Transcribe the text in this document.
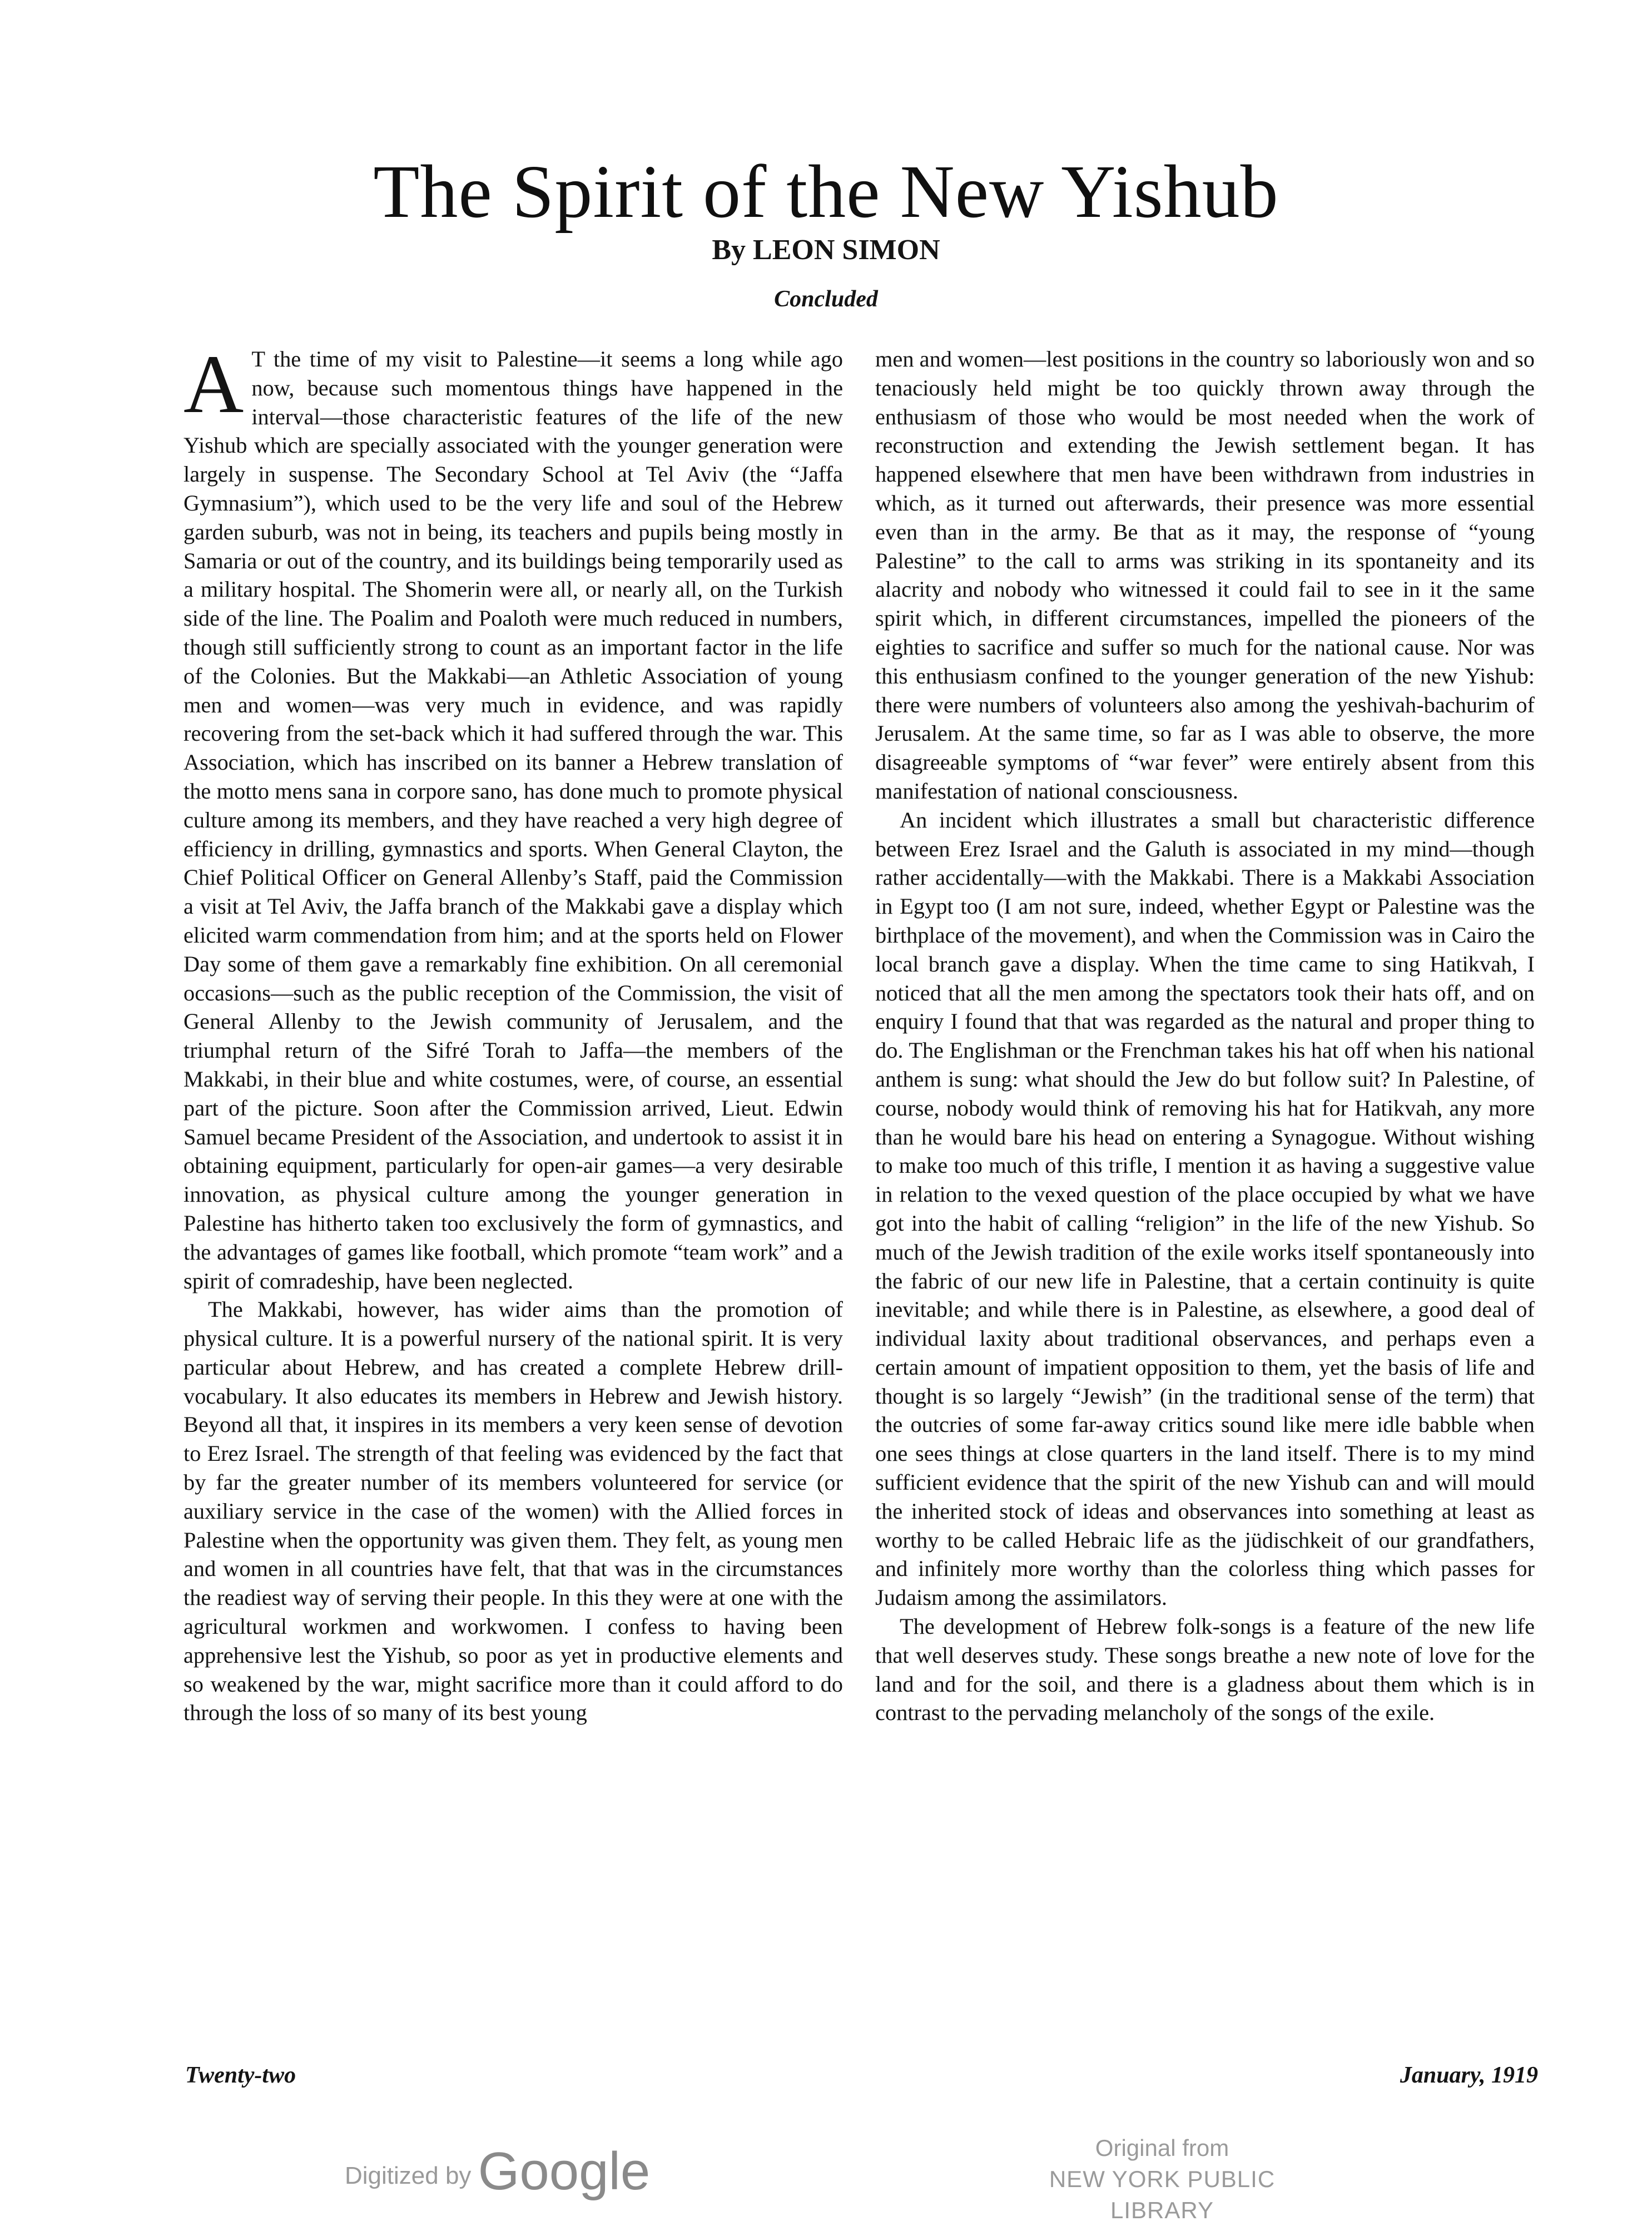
The Spirit of the New Yishub
By LEON SIMON
Concluded

A T the time of my visit to Palestine—it seems a long while ago now, because such momentous things have happened in the interval—those characteristic features of the life of the new Yishub which are specially associated with the younger generation were largely in suspense. The Secondary School at Tel Aviv (the “Jaffa Gymnasium”), which used to be the very life and soul of the Hebrew garden suburb, was not in being, its teachers and pupils being mostly in Samaria or out of the country, and its buildings being temporarily used as a military hospital. The Shomerin were all, or nearly all, on the Turkish side of the line. The Poalim and Poaloth were much reduced in numbers, though still sufficiently strong to count as an important factor in the life of the Colonies. But the Makkabi—an Athletic Association of young men and women—was very much in evidence, and was rapidly recovering from the set-back which it had suffered through the war. This Association, which has inscribed on its banner a Hebrew translation of the motto mens sana in corpore sano, has done much to promote physical culture among its members, and they have reached a very high degree of efficiency in drilling, gymnastics and sports. When General Clayton, the Chief Political Officer on General Allenby’s Staff, paid the Commission a visit at Tel Aviv, the Jaffa branch of the Makkabi gave a display which elicited warm commendation from him; and at the sports held on Flower Day some of them gave a remarkably fine exhibition. On all ceremonial occasions—such as the public reception of the Commission, the visit of General Allenby to the Jewish community of Jerusalem, and the triumphal return of the Sifré Torah to Jaffa—the members of the Makkabi, in their blue and white costumes, were, of course, an essential part of the picture. Soon after the Commission arrived, Lieut. Edwin Samuel became President of the Association, and undertook to assist it in obtaining equipment, particularly for open-air games—a very desirable innovation, as physical culture among the younger generation in Palestine has hitherto taken too exclusively the form of gymnastics, and the advantages of games like football, which promote “team work” and a spirit of comradeship, have been neglected.

The Makkabi, however, has wider aims than the promotion of physical culture. It is a powerful nursery of the national spirit. It is very particular about Hebrew, and has created a complete Hebrew drill-vocabulary. It also educates its members in Hebrew and Jewish history. Beyond all that, it inspires in its members a very keen sense of devotion to Erez Israel. The strength of that feeling was evidenced by the fact that by far the greater number of its members volunteered for service (or auxiliary service in the case of the women) with the Allied forces in Palestine when the opportunity was given them. They felt, as young men and women in all countries have felt, that that was in the circumstances the readiest way of serving their people. In this they were at one with the agricultural workmen and workwomen. I confess to having been apprehensive lest the Yishub, so poor as yet in productive elements and so weakened by the war, might sacrifice more than it could afford to do through the loss of so many of its best young

men and women—lest positions in the country so laboriously won and so tenaciously held might be too quickly thrown away through the enthusiasm of those who would be most needed when the work of reconstruction and extending the Jewish settlement began. It has happened elsewhere that men have been withdrawn from industries in which, as it turned out afterwards, their presence was more essential even than in the army. Be that as it may, the response of “young Palestine” to the call to arms was striking in its spontaneity and its alacrity and nobody who witnessed it could fail to see in it the same spirit which, in different circumstances, impelled the pioneers of the eighties to sacrifice and suffer so much for the national cause. Nor was this enthusiasm confined to the younger generation of the new Yishub: there were numbers of volunteers also among the yeshivah-bachurim of Jerusalem. At the same time, so far as I was able to observe, the more disagreeable symptoms of “war fever” were entirely absent from this manifestation of national consciousness.

An incident which illustrates a small but characteristic difference between Erez Israel and the Galuth is associated in my mind—though rather accidentally—with the Makkabi. There is a Makkabi Association in Egypt too (I am not sure, indeed, whether Egypt or Palestine was the birthplace of the movement), and when the Commission was in Cairo the local branch gave a display. When the time came to sing Hatikvah, I noticed that all the men among the spectators took their hats off, and on enquiry I found that that was regarded as the natural and proper thing to do. The Englishman or the Frenchman takes his hat off when his national anthem is sung: what should the Jew do but follow suit? In Palestine, of course, nobody would think of removing his hat for Hatikvah, any more than he would bare his head on entering a Synagogue. Without wishing to make too much of this trifle, I mention it as having a suggestive value in relation to the vexed question of the place occupied by what we have got into the habit of calling “religion” in the life of the new Yishub. So much of the Jewish tradition of the exile works itself spontaneously into the fabric of our new life in Palestine, that a certain continuity is quite inevitable; and while there is in Palestine, as elsewhere, a good deal of individual laxity about traditional observances, and perhaps even a certain amount of impatient opposition to them, yet the basis of life and thought is so largely “Jewish” (in the traditional sense of the term) that the outcries of some far-away critics sound like mere idle babble when one sees things at close quarters in the land itself. There is to my mind sufficient evidence that the spirit of the new Yishub can and will mould the inherited stock of ideas and observances into something at least as worthy to be called Hebraic life as the jüdischkeit of our grandfathers, and infinitely more worthy than the colorless thing which passes for Judaism among the assimilators.

The development of Hebrew folk-songs is a feature of the new life that well deserves study. These songs breathe a new note of love for the land and for the soil, and there is a gladness about them which is in contrast to the pervading melancholy of the songs of the exile.

Twenty-two	January, 1919
Digitized by Google	Original from
NEW YORK PUBLIC LIBRARY
